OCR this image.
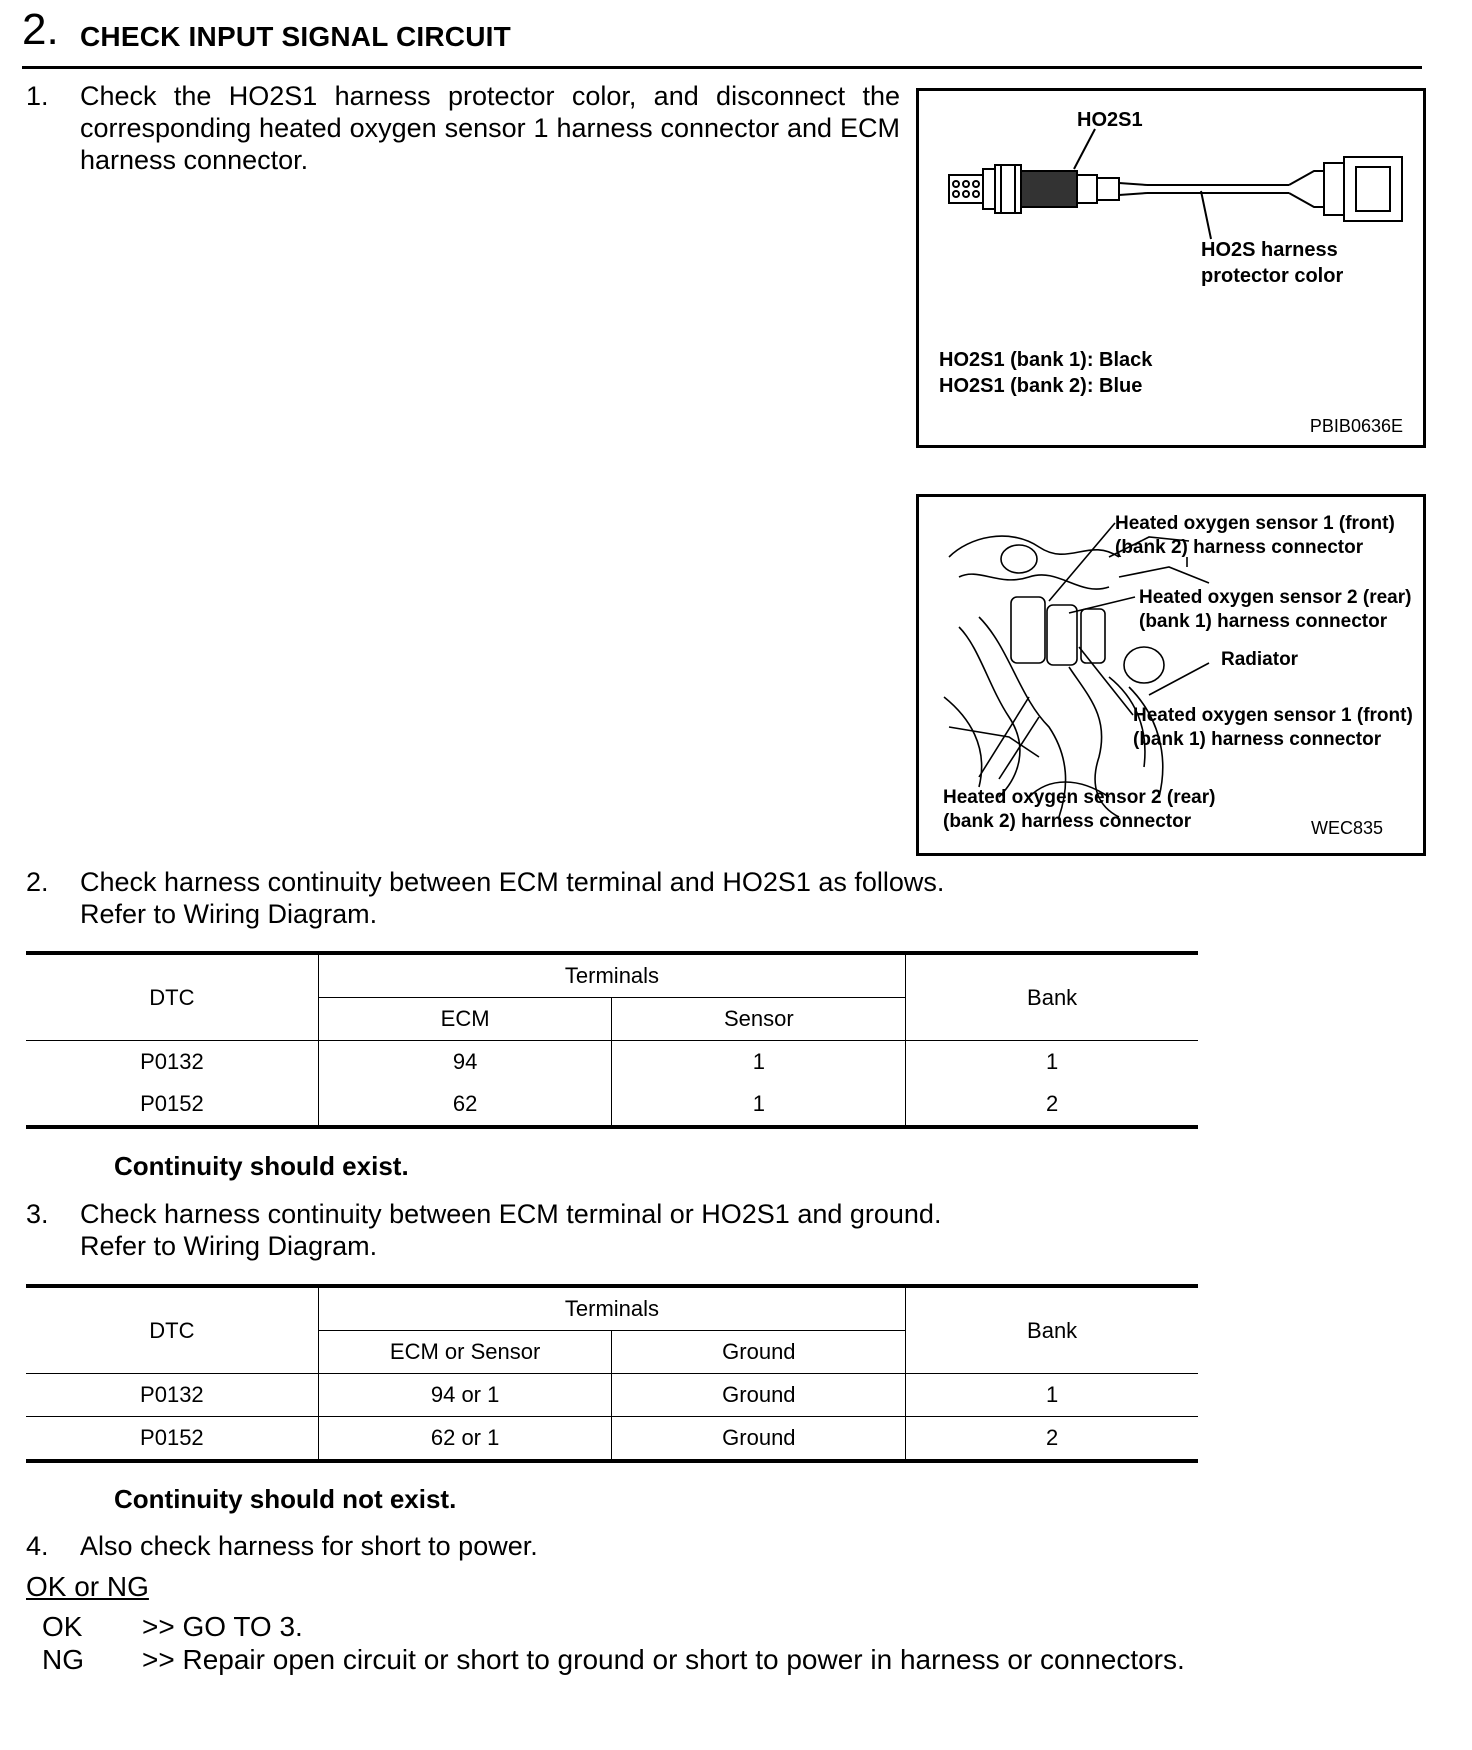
2. CHECK INPUT SIGNAL CIRCUIT
1. Check the HO2S1 harness protector color, and disconnect the corresponding heated oxygen sensor 1 harness connector and ECM harness connector.
HO2S1
HO2S harness
protector color
HO2S1 (bank 1): Black
HO2S1 (bank 2): Blue
PBIB0636E
Heated oxygen sensor 1 (front)
(bank 2) harness connector
Heated oxygen sensor 2 (rear)
(bank 1) harness connector
Radiator
Heated oxygen sensor 1 (front)
(bank 1) harness connector
Heated oxygen sensor 2 (rear)
(bank 2) harness connector	WEC835
2. Check harness continuity between ECM terminal and HO2S1 as follows.
Refer to Wiring Diagram.
DTC	Terminals		Bank
	ECM	Sensor	
P0132	94	1	1
P0152	62	1	2
Continuity should exist.
3. Check harness continuity between ECM terminal or HO2S1 and ground.
Refer to Wiring Diagram.
DTC	Terminals		Bank
	ECM or Sensor	Ground	
P0132	94 or 1	Ground	1
P0152	62 or 1	Ground	2
Continuity should not exist.
4. Also check harness for short to power.
OK or NG
OK >> GO TO 3.
NG >> Repair open circuit or short to ground or short to power in harness or connectors.
